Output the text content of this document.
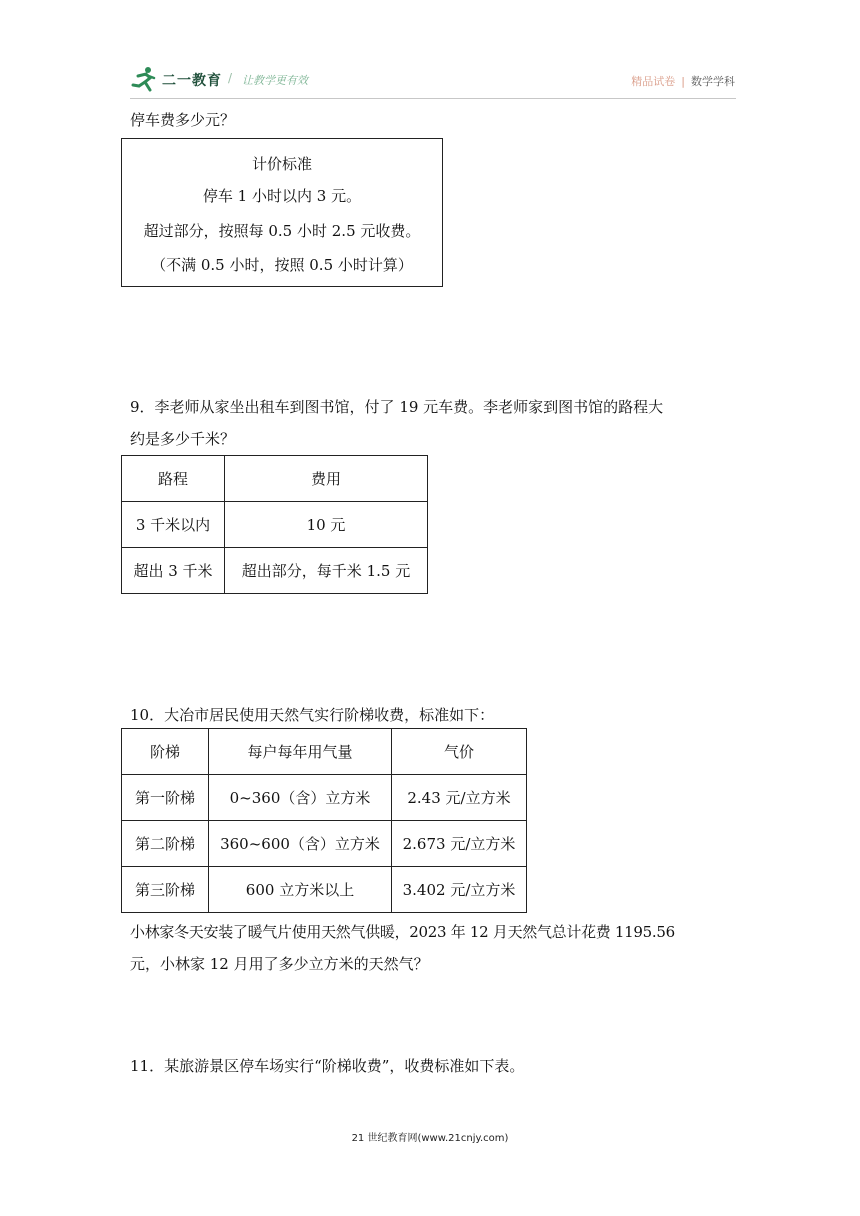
二一教育 / 让教学更有效	精品试卷 | 数学学科
停车费多少元？
计价标准
停车 1 小时以内 3 元。
超过部分，按照每 0.5 小时 2.5 元收费。
（不满 0.5 小时，按照 0.5 小时计算）
9．李老师从家坐出租车到图书馆，付了 19 元车费。李老师家到图书馆的路程大
约是多少千米？
路程	费用
3 千米以内	10 元
超出 3 千米	超出部分，每千米 1.5 元
10．大冶市居民使用天然气实行阶梯收费，标准如下：
阶梯	每户每年用气量	气价
第一阶梯	0~360（含）立方米	2.43 元/立方米
第二阶梯	360~600（含）立方米	2.673 元/立方米
第三阶梯	600 立方米以上	3.402 元/立方米
小林家冬天安装了暖气片使用天然气供暖，2023 年 12 月天然气总计花费 1195.56
元，小林家 12 月用了多少立方米的天然气？
11．某旅游景区停车场实行“阶梯收费”，收费标准如下表。
21 世纪教育网(www.21cnjy.com)
